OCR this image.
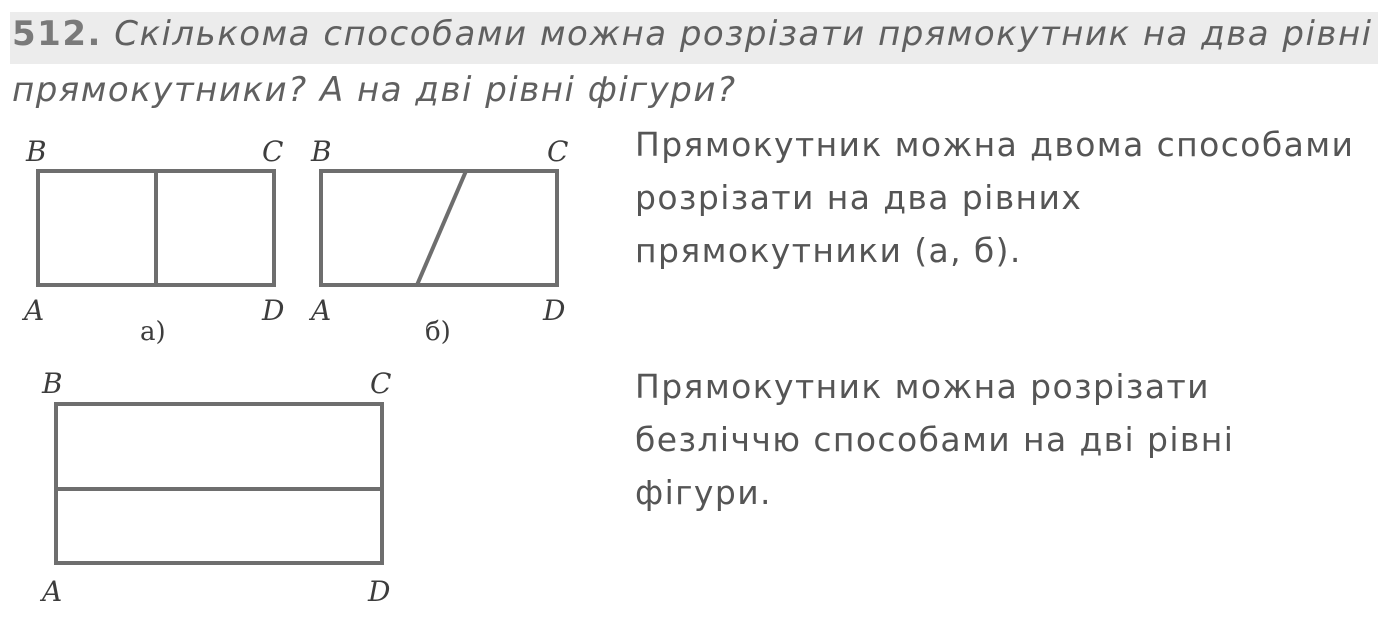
512. Скількома способами можна розрізати прямокутник на два рівні
прямокутники? А на дві рівні фігури?
B	C
A	D
а)
B	C
A	D
б)
B	C
A	D
Прямокутник можна двома способами
розрізати на два рівних
прямокутники (а, б).
Прямокутник можна розрізати
безліччю способами на дві рівні
фігури.
